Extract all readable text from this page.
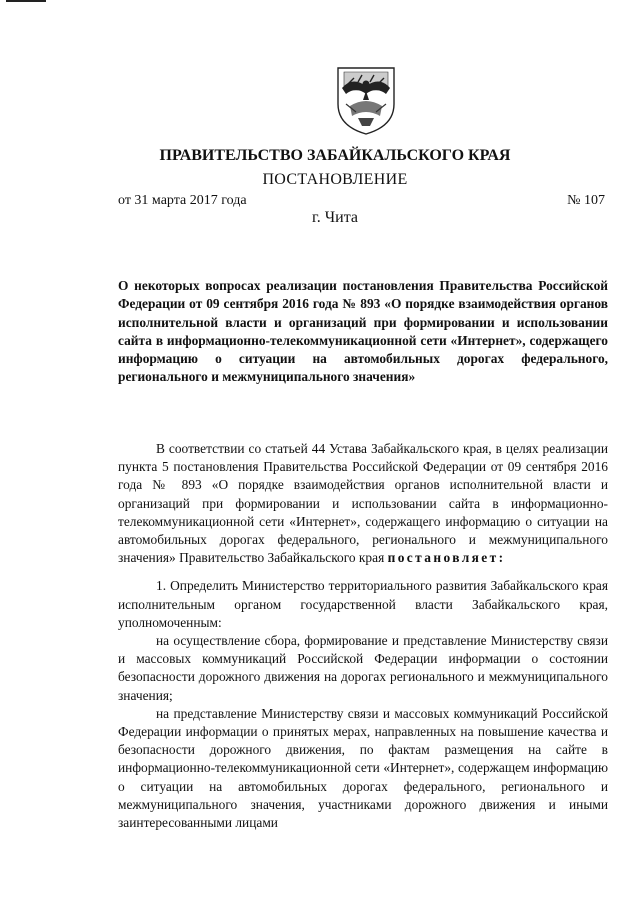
ПРАВИТЕЛЬСТВО ЗАБАЙКАЛЬСКОГО КРАЯ
ПОСТАНОВЛЕНИЕ
от 31 марта 2017 года	№ 107
г. Чита
О некоторых вопросах реализации постановления Правительства Российской Федерации от 09 сентября 2016 года № 893 «О порядке взаимодействия органов исполнительной власти и организаций при формировании и использовании сайта в информационно-телекоммуникационной сети «Интернет», содержащего информацию о ситуации на автомобильных дорогах федерального, регионального и межмуниципального значения»

В соответствии со статьей 44 Устава Забайкальского края, в целях реализации пункта 5 постановления Правительства Российской Федерации от 09 сентября 2016 года № 893 «О порядке взаимодействия органов исполнительной власти и организаций при формировании и использовании сайта в информационно-телекоммуникационной сети «Интернет», содержащего информацию о ситуации на автомобильных дорогах федерального, регионального и межмуниципального значения» Правительство Забайкальского края постановляет:

1. Определить Министерство территориального развития Забайкальского края исполнительным органом государственной власти Забайкальского края, уполномоченным:

на осуществление сбора, формирование и представление Министерству связи и массовых коммуникаций Российской Федерации информации о состоянии безопасности дорожного движения на дорогах регионального и межмуниципального значения;

на представление Министерству связи и массовых коммуникаций Российской Федерации информации о принятых мерах, направленных на повышение качества и безопасности дорожного движения, по фактам размещения на сайте в информационно-телекоммуникационной сети «Интернет», содержащем информацию о ситуации на автомобильных дорогах федерального, регионального и межмуниципального значения, участниками дорожного движения и иными заинтересованными лицами
